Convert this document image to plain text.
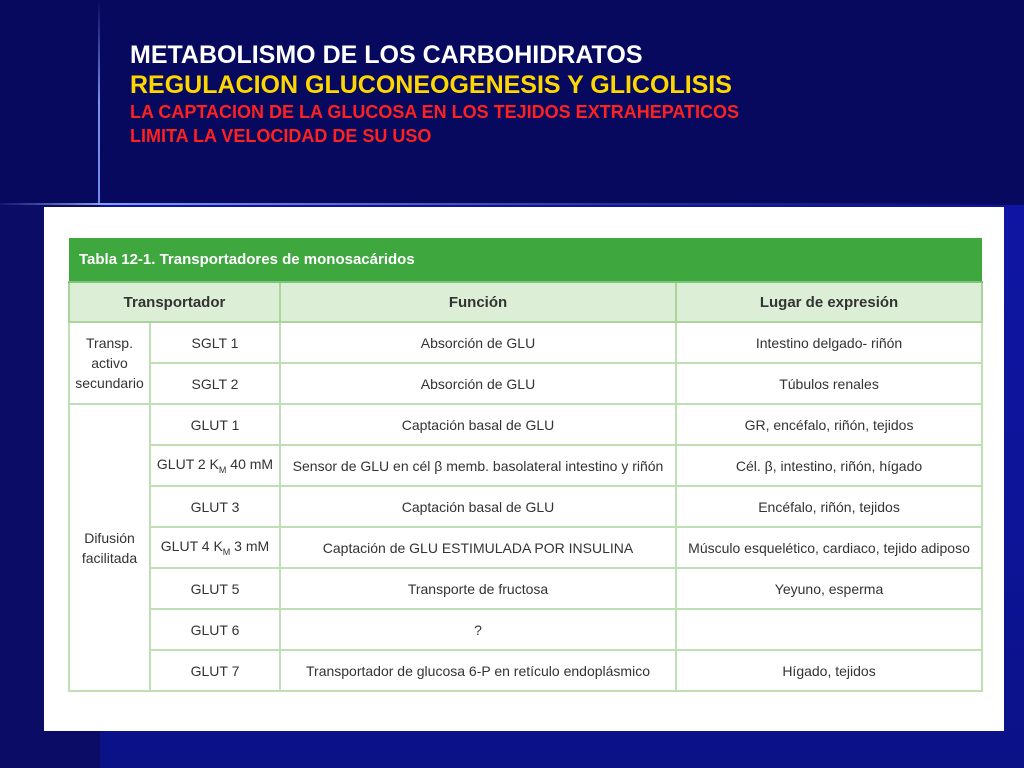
METABOLISMO DE LOS CARBOHIDRATOS
REGULACION GLUCONEOGENESIS Y GLICOLISIS
LA CAPTACION DE LA GLUCOSA EN LOS TEJIDOS EXTRAHEPATICOS
LIMITA LA VELOCIDAD DE SU USO
Tabla 12-1. Transportadores de monosacáridos			
Transportador		Función	Lugar de expresión

Transp.
activo
secundario	SGLT 1	Absorción de GLU	Intestino delgado- riñón
	SGLT 2	Absorción de GLU	Túbulos renales

Difusión
facilitada	GLUT 1	Captación basal de GLU	GR, encéfalo, riñón, tejidos
	GLUT 2 $K_M$ 40 mM	Sensor de GLU en cél β memb. basolateral intestino y riñón	Cél. β, intestino, riñón, hígado
	GLUT 3	Captación basal de GLU	Encéfalo, riñón, tejidos
	GLUT 4 $K_M$ 3 mM	Captación de GLU ESTIMULADA POR INSULINA	Músculo esquelético, cardiaco, tejido adiposo
	GLUT 5	Transporte de fructosa	Yeyuno, esperma
	GLUT 6	?	
	GLUT 7	Transportador de glucosa 6-P en retículo endoplásmico	Hígado, tejidos
